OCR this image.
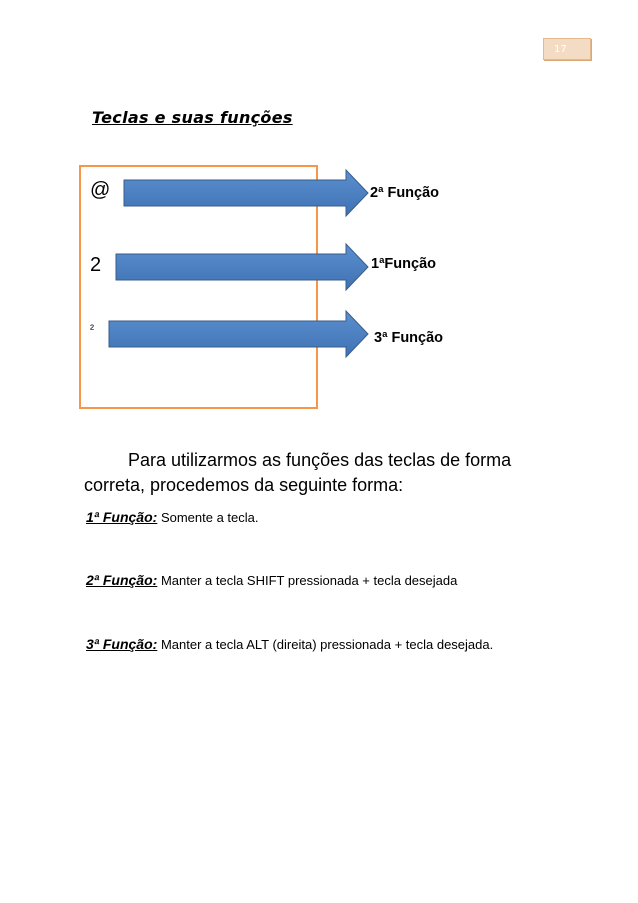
17
Teclas e suas funções
@
2
²
2ª Função
1ªFunção
3ª Função
Para utilizarmos as funções das teclas de forma correta, procedemos da seguinte forma:
1ª Função: Somente a tecla.
2ª Função: Manter a tecla SHIFT pressionada + tecla desejada
3ª Função: Manter a tecla ALT (direita) pressionada + tecla desejada.
